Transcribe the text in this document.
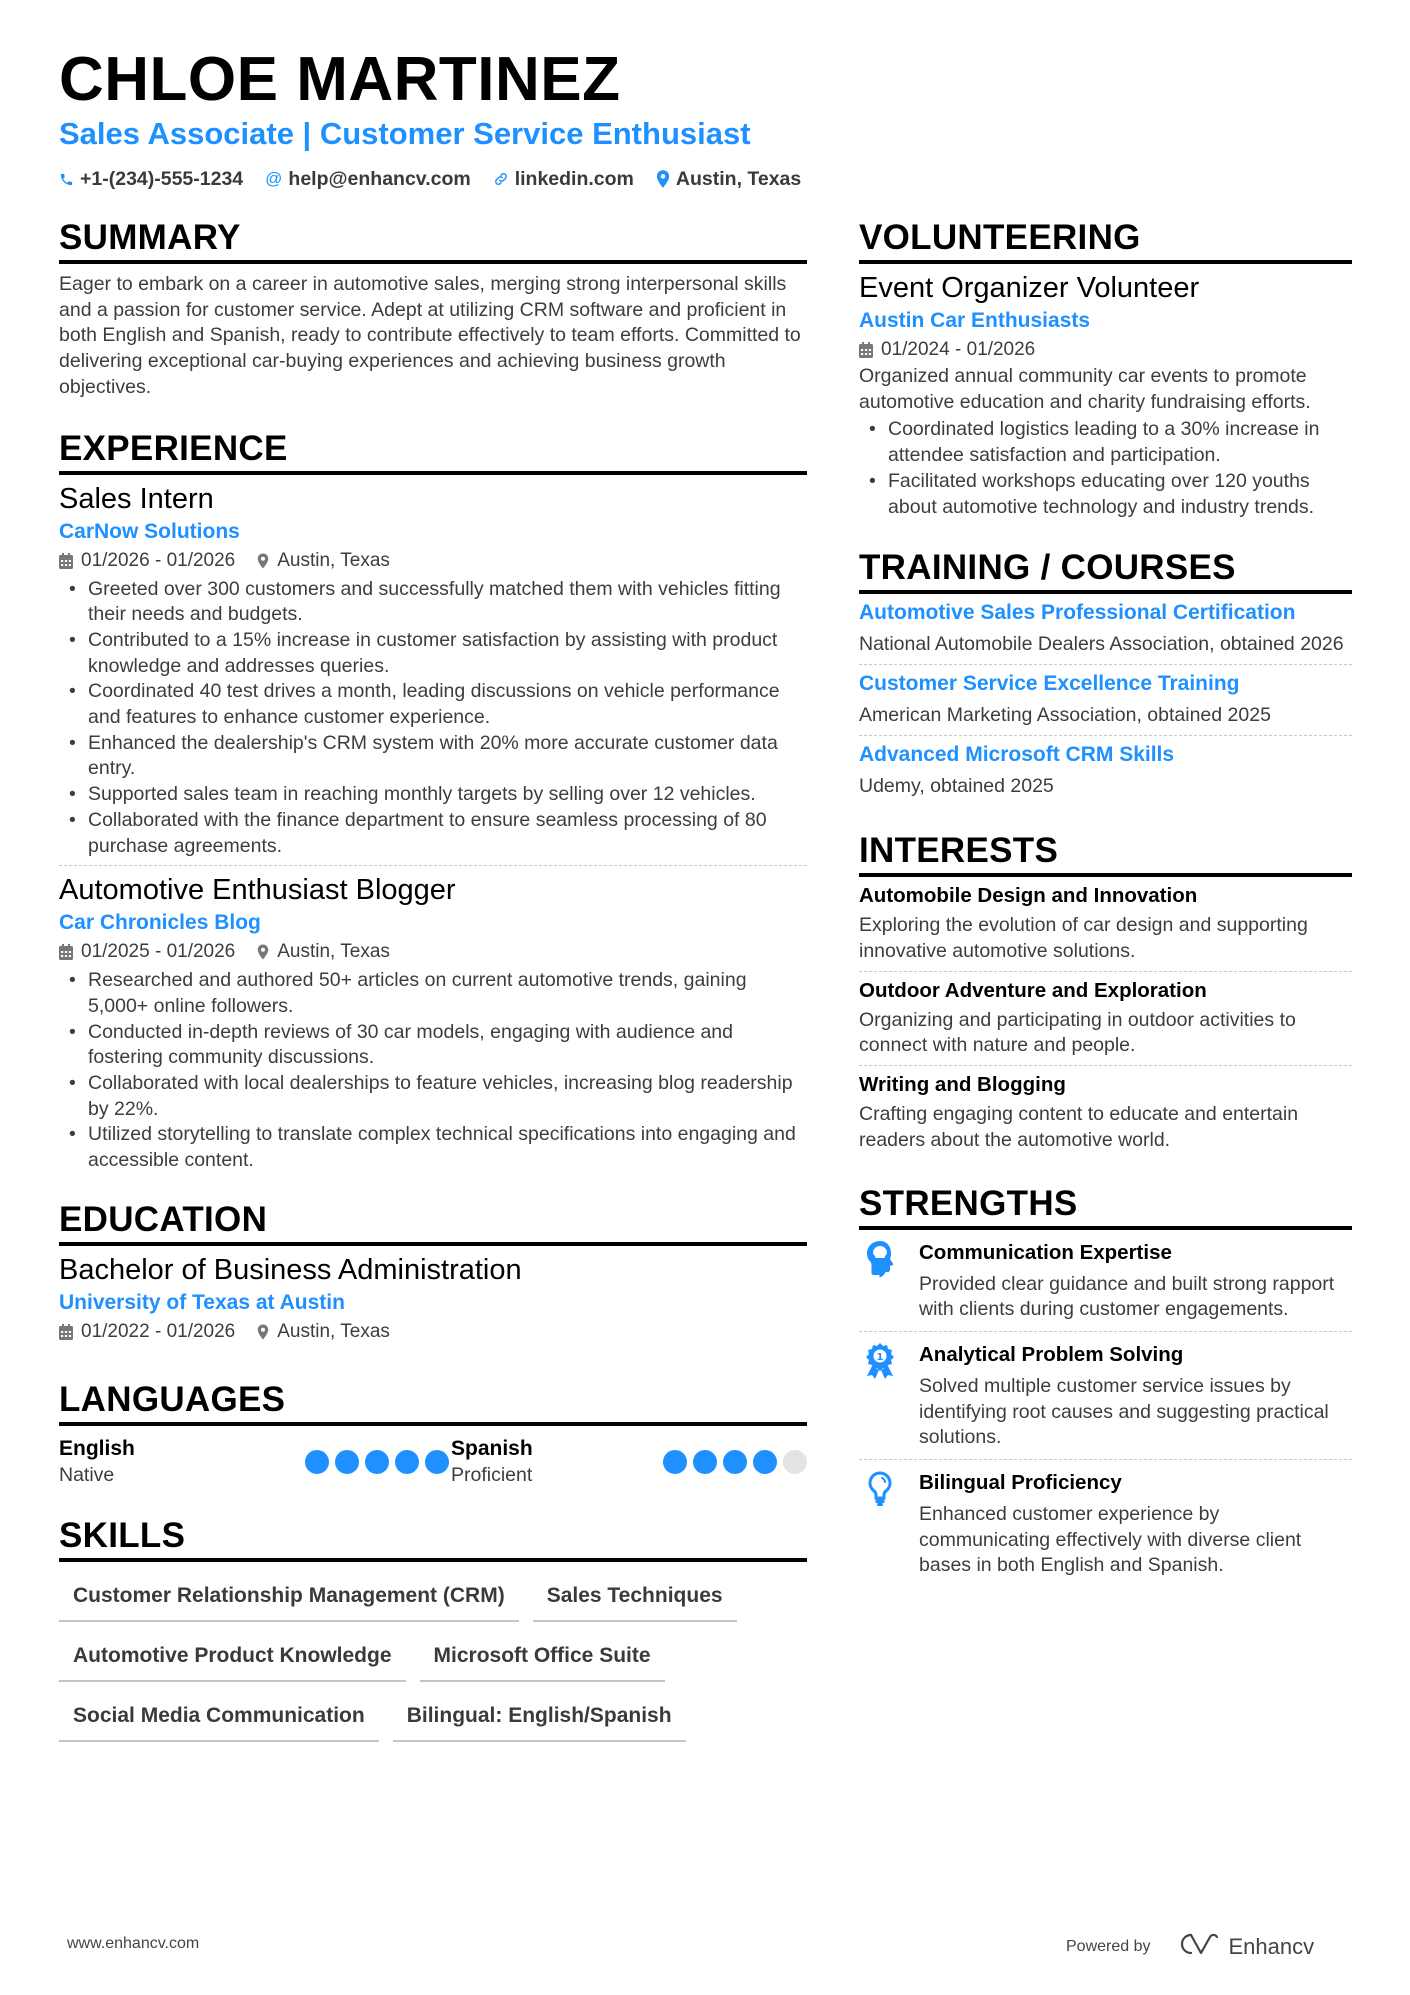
CHLOE MARTINEZ
Sales Associate | Customer Service Enthusiast
+1-(234)-555-1234 @ help@enhancv.com linkedin.com Austin, Texas
SUMMARY

Eager to embark on a career in automotive sales, merging strong interpersonal skills and a passion for customer service. Adept at utilizing CRM software and proficient in both English and Spanish, ready to contribute effectively to team efforts. Committed to delivering exceptional car-buying experiences and achieving business growth objectives.

EXPERIENCE
Sales Intern
CarNow Solutions
01/2026 - 01/2026 Austin, Texas
• Greeted over 300 customers and successfully matched them with vehicles fitting their needs and budgets.
• Contributed to a 15% increase in customer satisfaction by assisting with product knowledge and addresses queries.
• Coordinated 40 test drives a month, leading discussions on vehicle performance and features to enhance customer experience.
• Enhanced the dealership's CRM system with 20% more accurate customer data entry.
• Supported sales team in reaching monthly targets by selling over 12 vehicles.
• Collaborated with the finance department to ensure seamless processing of 80 purchase agreements.
Automotive Enthusiast Blogger
Car Chronicles Blog
01/2025 - 01/2026 Austin, Texas
• Researched and authored 50+ articles on current automotive trends, gaining 5,000+ online followers.
• Conducted in-depth reviews of 30 car models, engaging with audience and fostering community discussions.
• Collaborated with local dealerships to feature vehicles, increasing blog readership by 22%.
• Utilized storytelling to translate complex technical specifications into engaging and accessible content.
EDUCATION
Bachelor of Business Administration
University of Texas at Austin
01/2022 - 01/2026 Austin, Texas
LANGUAGES
English
Native
Spanish
Proficient
SKILLS
Customer Relationship Management (CRM)	Sales Techniques
Automotive Product Knowledge	Microsoft Office Suite
Social Media Communication	Bilingual: English/Spanish
VOLUNTEERING
Event Organizer Volunteer
Austin Car Enthusiasts
01/2024 - 01/2026

Organized annual community car events to promote automotive education and charity fundraising efforts.

• Coordinated logistics leading to a 30% increase in attendee satisfaction and participation.
• Facilitated workshops educating over 120 youths about automotive technology and industry trends.
TRAINING / COURSES
Automotive Sales Professional Certification
National Automobile Dealers Association, obtained 2026
Customer Service Excellence Training
American Marketing Association, obtained 2025
Advanced Microsoft CRM Skills
Udemy, obtained 2025
INTERESTS
Automobile Design and Innovation
Exploring the evolution of car design and supporting innovative automotive solutions.
Outdoor Adventure and Exploration
Organizing and participating in outdoor activities to connect with nature and people.
Writing and Blogging
Crafting engaging content to educate and entertain readers about the automotive world.
STRENGTHS
Communication Expertise
Provided clear guidance and built strong rapport with clients during customer engagements.
1 Analytical Problem Solving
Solved multiple customer service issues by identifying root causes and suggesting practical solutions.
Bilingual Proficiency
Enhanced customer experience by communicating effectively with diverse client bases in both English and Spanish.
www.enhancv.com	Powered by	Enhancv
